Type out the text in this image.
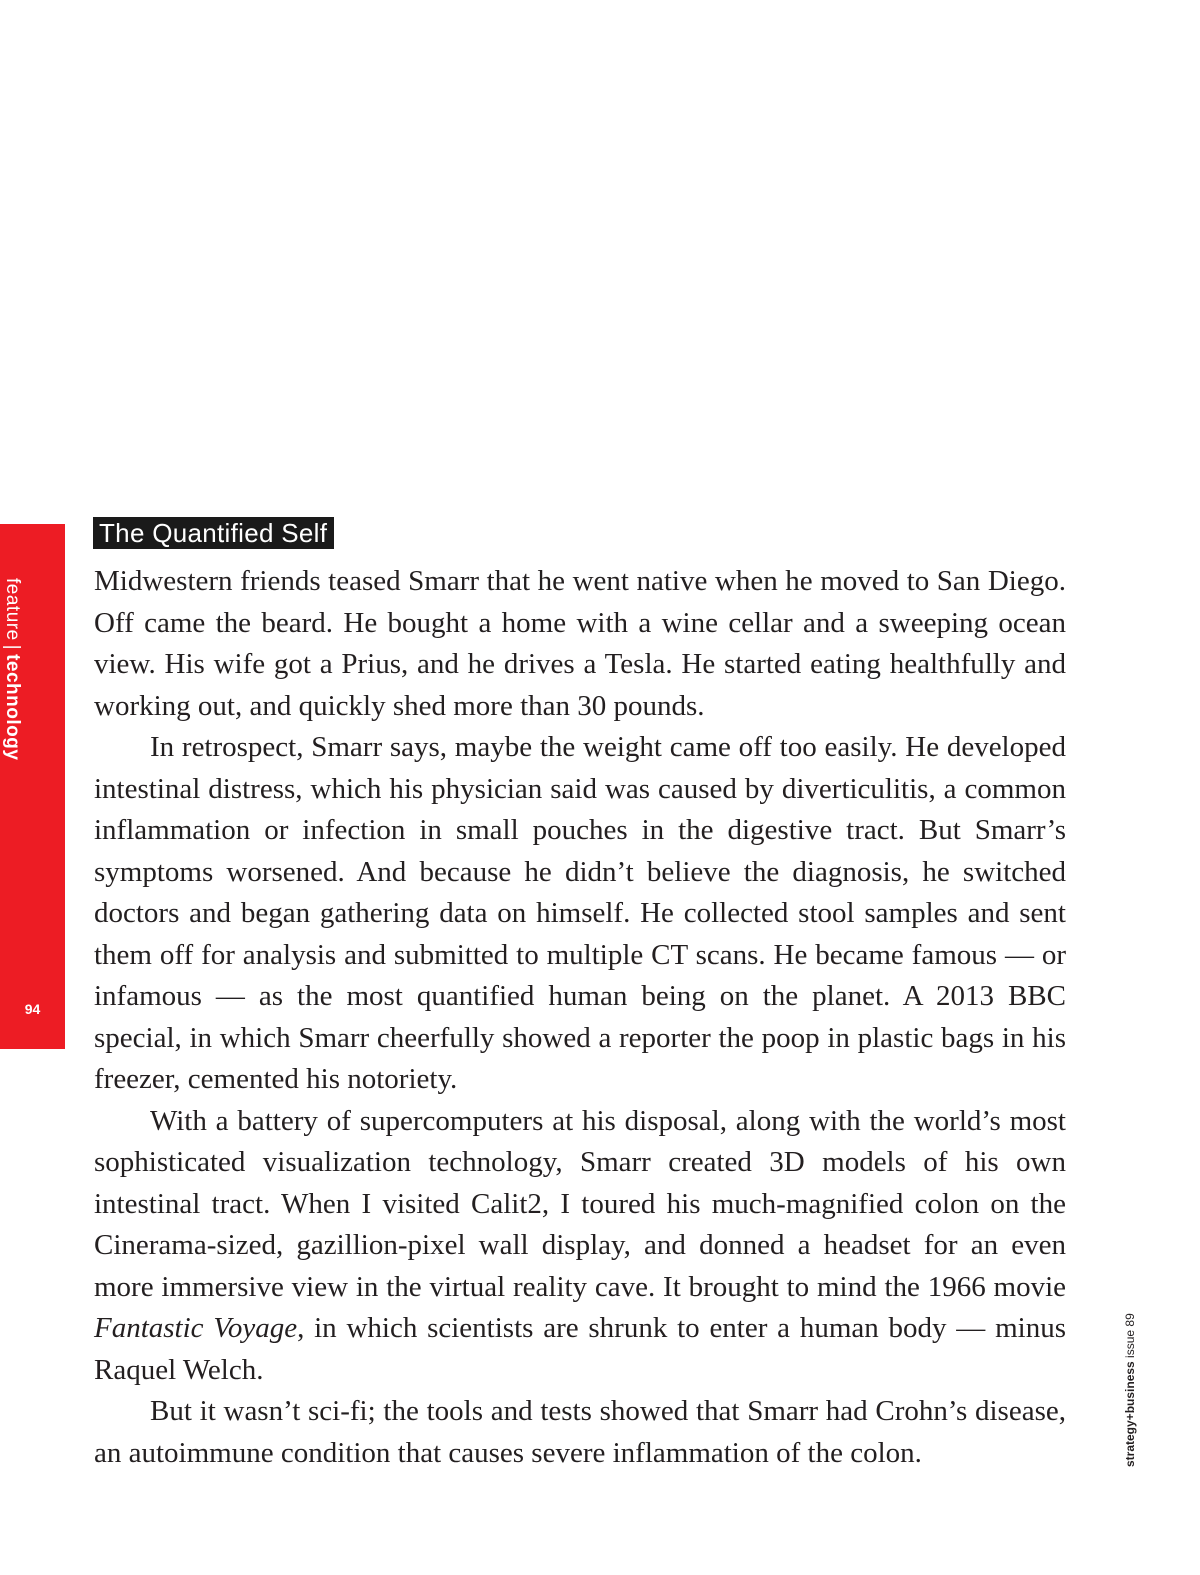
feature|technology
94
The Quantified Self

Midwestern friends teased Smarr that he went native when he moved to San Diego. Off came the beard. He bought a home with a wine cellar and a sweeping ocean view. His wife got a Prius, and he drives a Tesla. He started eating healthfully and working out, and quickly shed more than 30 pounds.

In retrospect, Smarr says, maybe the weight came off too easily. He developed intestinal distress, which his physician said was caused by diverticulitis, a common inflammation or infection in small pouches in the digestive tract. But Smarr’s symptoms worsened. And because he didn’t believe the diagnosis, he switched doctors and began gathering data on himself. He collected stool samples and sent them off for analysis and submitted to multiple CT scans. He became famous — or infamous — as the most quantified human being on the planet. A 2013 BBC special, in which Smarr cheerfully showed a reporter the poop in plastic bags in his freezer, cemented his notoriety.

With a battery of supercomputers at his disposal, along with the world’s most sophisticated visualization technology, Smarr created 3D models of his own intestinal tract. When I visited Calit2, I toured his much-magnified colon on the Cinerama-sized, gazillion-pixel wall display, and donned a headset for an even more immersive view in the virtual reality cave. It brought to mind the 1966 movie Fantastic Voyage, in which scientists are shrunk to enter a human body — minus Raquel Welch.

But it wasn’t sci-fi; the tools and tests showed that Smarr had Crohn’s disease, an autoimmune condition that causes severe inflammation of the colon.	strategy+business issue 89
